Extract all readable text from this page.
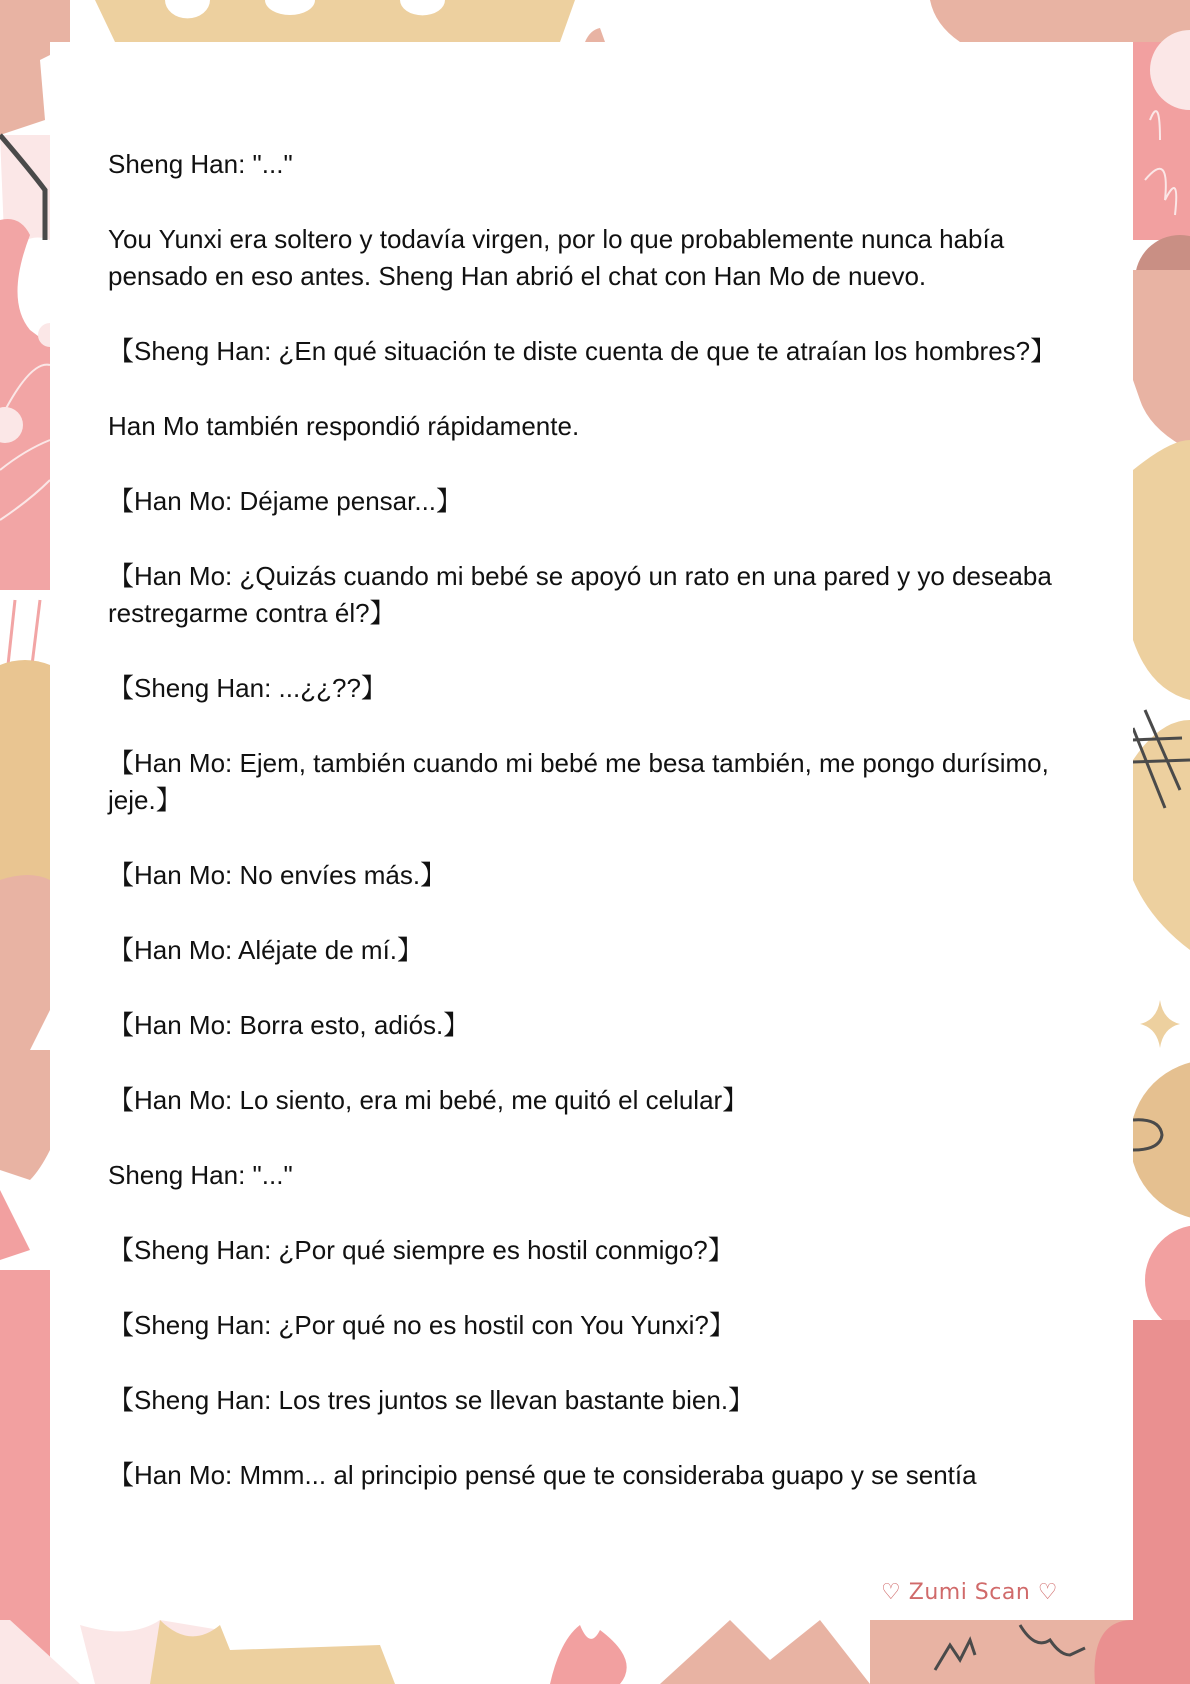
Sheng Han: "..."

You Yunxi era soltero y todavía virgen, por lo que probablemente nunca había pensado en eso antes. Sheng Han abrió el chat con Han Mo de nuevo.

【Sheng Han: ¿En qué situación te diste cuenta de que te atraían los hombres?】

Han Mo también respondió rápidamente.

【Han Mo: Déjame pensar...】

【Han Mo: ¿Quizás cuando mi bebé se apoyó un rato en una pared y yo deseaba restregarme contra él?】

【Sheng Han: ...¿¿??】

【Han Mo: Ejem, también cuando mi bebé me besa también, me pongo durísimo, jeje.】

【Han Mo: No envíes más.】

【Han Mo: Aléjate de mí.】

【Han Mo: Borra esto, adiós.】

【Han Mo: Lo siento, era mi bebé, me quitó el celular】

Sheng Han: "..."

【Sheng Han: ¿Por qué siempre es hostil conmigo?】

【Sheng Han: ¿Por qué no es hostil con You Yunxi?】

【Sheng Han: Los tres juntos se llevan bastante bien.】

【Han Mo: Mmm... al principio pensé que te consideraba guapo y se sentía

♡ Zumi Scan ♡
